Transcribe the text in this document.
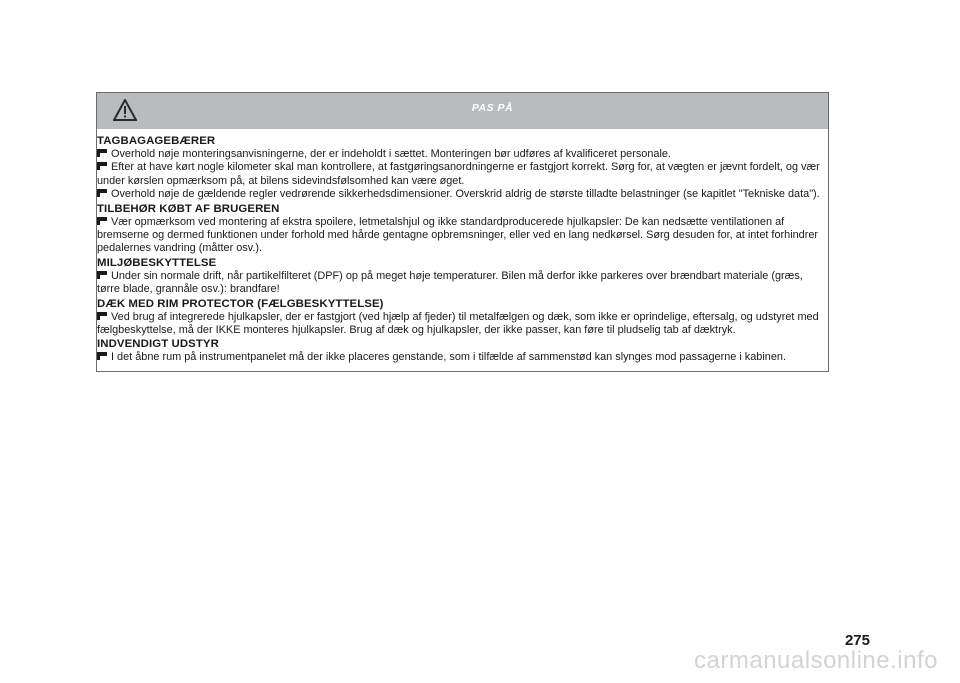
PAS PÅ

TAGBAGAGEBÆRER

Overhold nøje monteringsanvisningerne, der er indeholdt i sættet. Monteringen bør udføres af kvalificeret personale.

Efter at have kørt nogle kilometer skal man kontrollere, at fastgøringsanordningerne er fastgjort korrekt. Sørg for, at vægten er jævnt fordelt, og vær under kørslen opmærksom på, at bilens sidevindsfølsomhed kan være øget.

Overhold nøje de gældende regler vedrørende sikkerhedsdimensioner. Overskrid aldrig de største tilladte belastninger (se kapitlet "Tekniske data").

TILBEHØR KØBT AF BRUGEREN

Vær opmærksom ved montering af ekstra spoilere, letmetalshjul og ikke standardproducerede hjulkapsler: De kan nedsætte ventilationen af bremserne og dermed funktionen under forhold med hårde gentagne opbremsninger, eller ved en lang nedkørsel. Sørg desuden for, at intet forhindrer pedalernes vandring (måtter osv.).

MILJØBESKYTTELSE

Under sin normale drift, når partikelfilteret (DPF) op på meget høje temperaturer. Bilen må derfor ikke parkeres over brændbart materiale (græs, tørre blade, grannåle osv.): brandfare!

DÆK MED RIM PROTECTOR (FÆLGBESKYTTELSE)

Ved brug af integrerede hjulkapsler, der er fastgjort (ved hjælp af fjeder) til metalfælgen og dæk, som ikke er oprindelige, eftersalg, og udstyret med fælgbeskyttelse, må der IKKE monteres hjulkapsler. Brug af dæk og hjulkapsler, der ikke passer, kan føre til pludselig tab af dæktryk.

INDVENDIGT UDSTYR

I det åbne rum på instrumentpanelet må der ikke placeres genstande, som i tilfælde af sammenstød kan slynges mod passagerne i kabinen.

275
carmanualsonline.info
